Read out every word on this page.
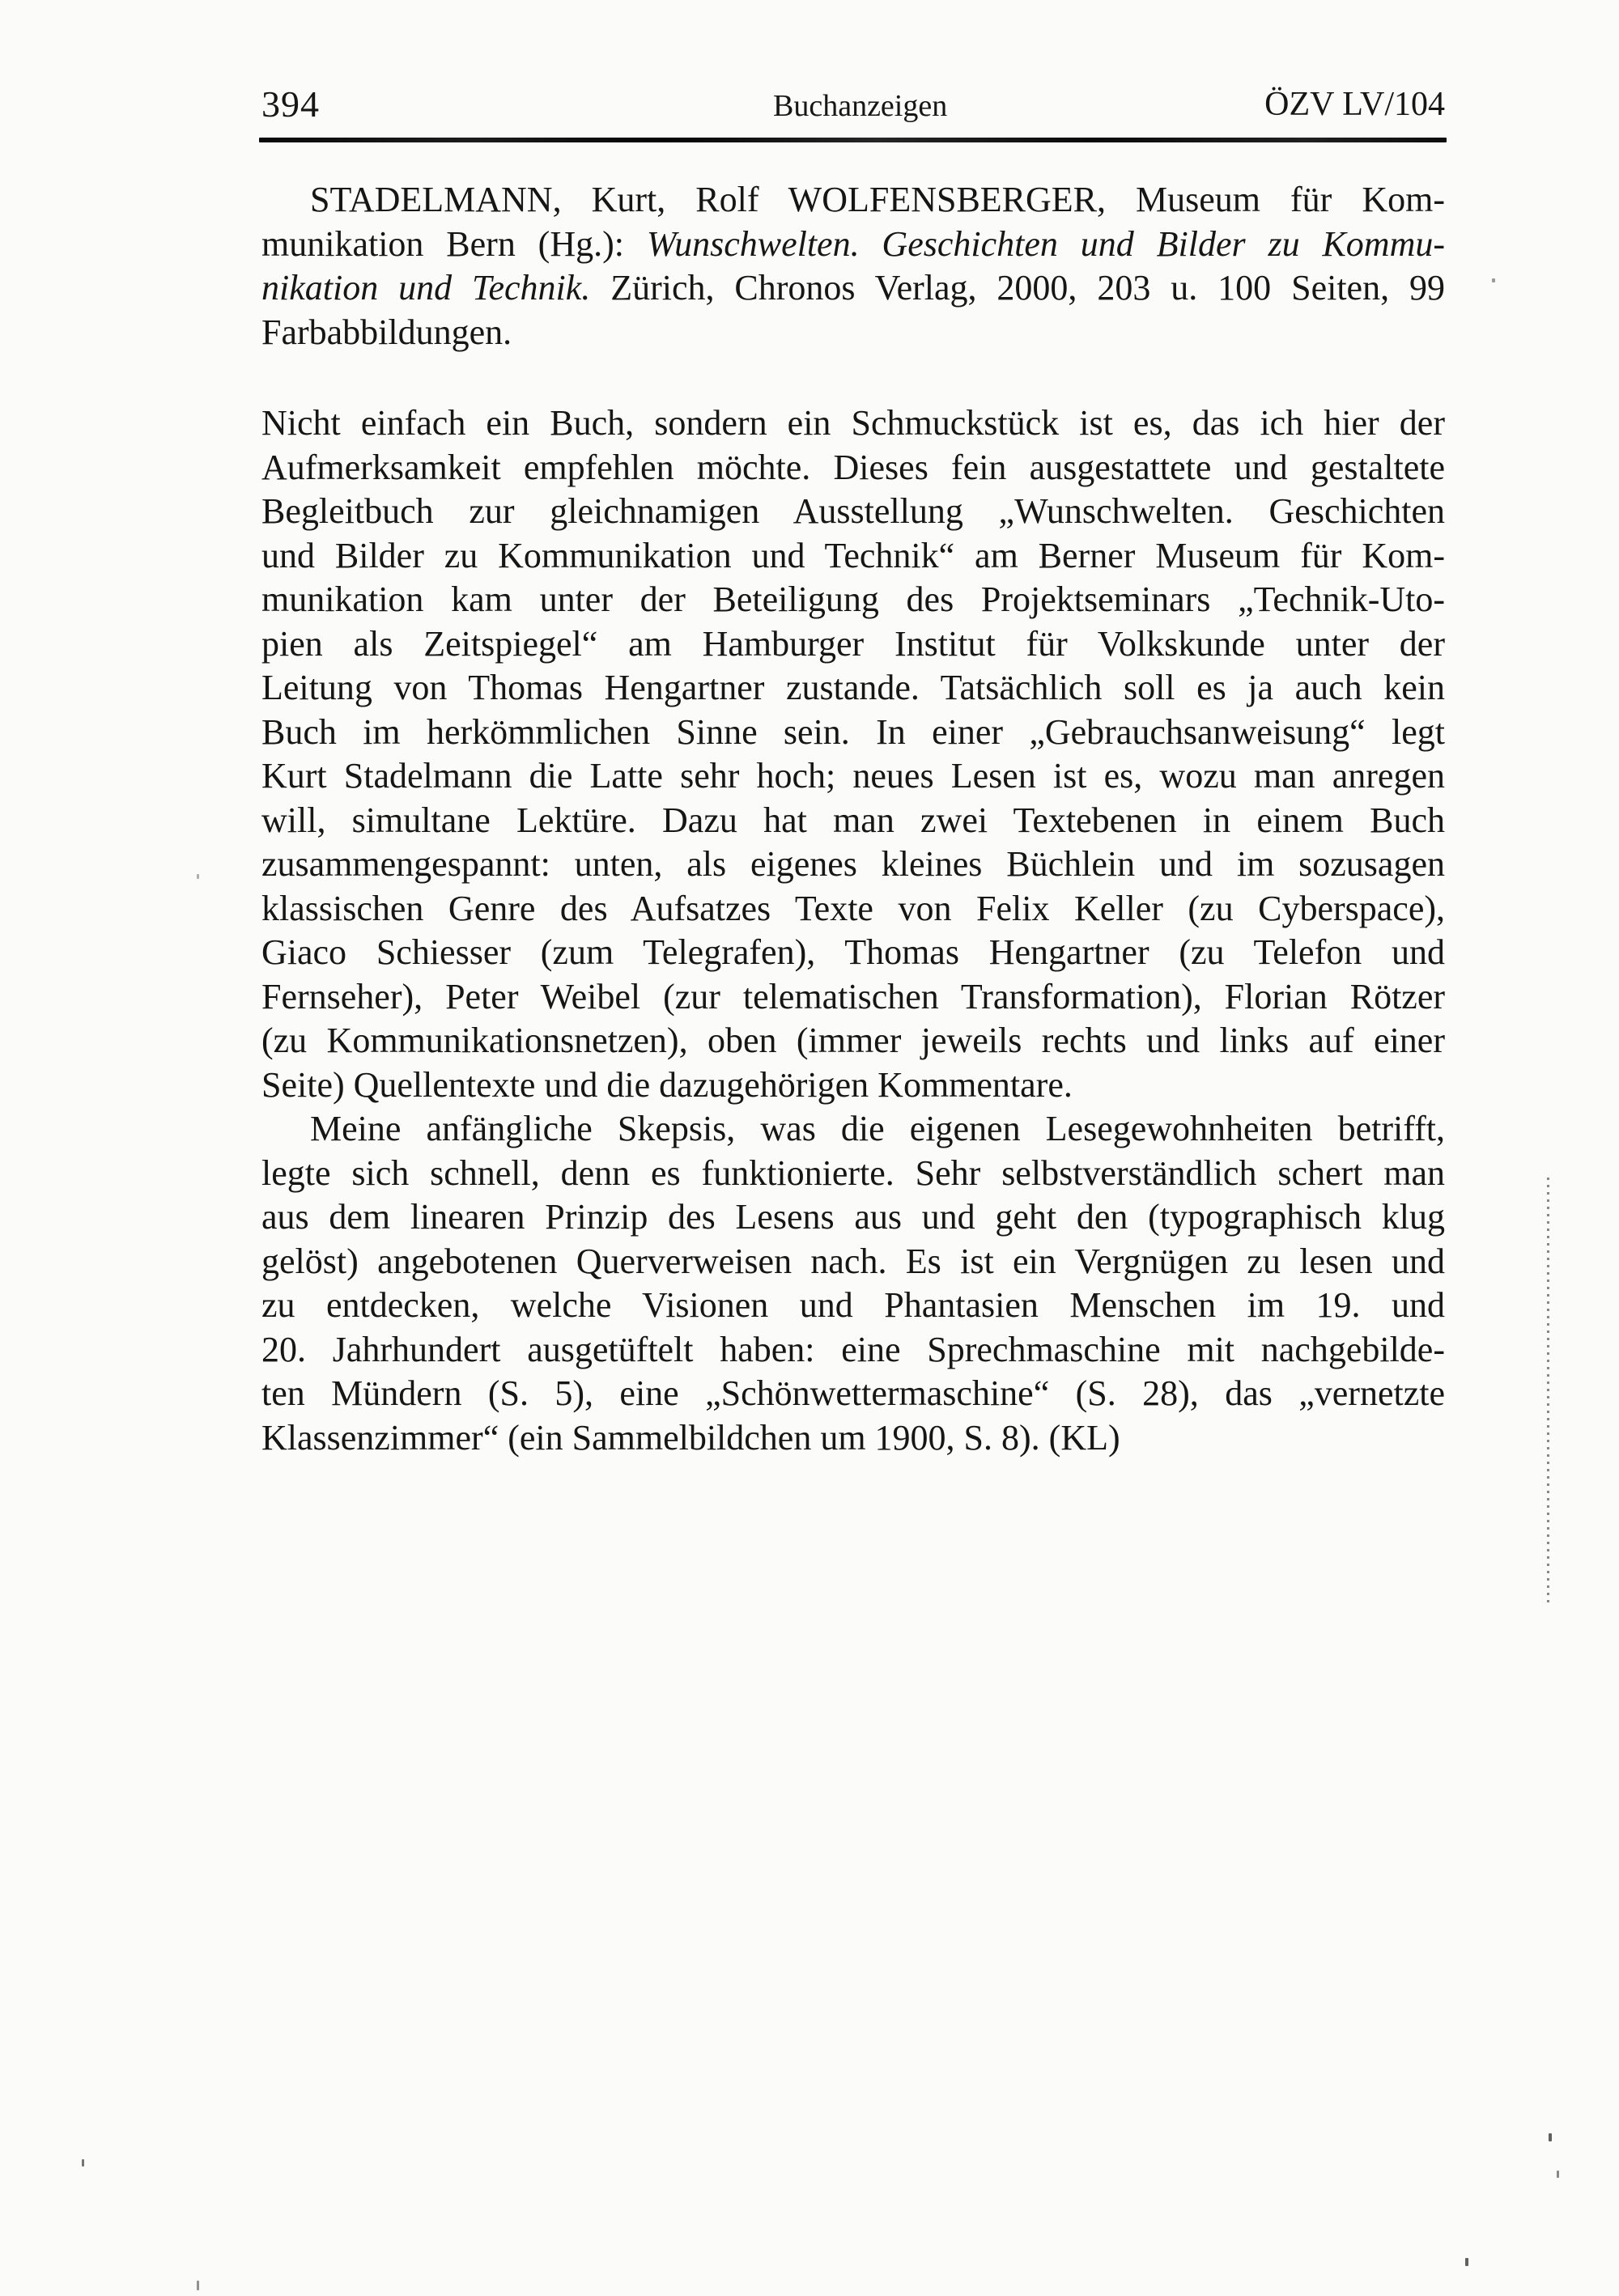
394	Buchanzeigen	ÖZV LV/104
STADELMANN, Kurt, Rolf WOLFENSBERGER, Museum für Kom-
munikation Bern (Hg.): Wunschwelten. Geschichten und Bilder zu Kommu-
nikation und Technik. Zürich, Chronos Verlag, 2000, 203 u. 100 Seiten, 99
Farbabbildungen.
Nicht einfach ein Buch, sondern ein Schmuckstück ist es, das ich hier der
Aufmerksamkeit empfehlen möchte. Dieses fein ausgestattete und gestaltete
Begleitbuch zur gleichnamigen Ausstellung „Wunschwelten. Geschichten
und Bilder zu Kommunikation und Technik“ am Berner Museum für Kom-
munikation kam unter der Beteiligung des Projektseminars „Technik-Uto-
pien als Zeitspiegel“ am Hamburger Institut für Volkskunde unter der
Leitung von Thomas Hengartner zustande. Tatsächlich soll es ja auch kein
Buch im herkömmlichen Sinne sein. In einer „Gebrauchsanweisung“ legt
Kurt Stadelmann die Latte sehr hoch; neues Lesen ist es, wozu man anregen
will, simultane Lektüre. Dazu hat man zwei Textebenen in einem Buch
zusammengespannt: unten, als eigenes kleines Büchlein und im sozusagen
klassischen Genre des Aufsatzes Texte von Felix Keller (zu Cyberspace),
Giaco Schiesser (zum Telegrafen), Thomas Hengartner (zu Telefon und
Fernseher), Peter Weibel (zur telematischen Transformation), Florian Rötzer
(zu Kommunikationsnetzen), oben (immer jeweils rechts und links auf einer
Seite) Quellentexte und die dazugehörigen Kommentare.
Meine anfängliche Skepsis, was die eigenen Lesegewohnheiten betrifft,
legte sich schnell, denn es funktionierte. Sehr selbstverständlich schert man
aus dem linearen Prinzip des Lesens aus und geht den (typographisch klug
gelöst) angebotenen Querverweisen nach. Es ist ein Vergnügen zu lesen und
zu entdecken, welche Visionen und Phantasien Menschen im 19. und
20. Jahrhundert ausgetüftelt haben: eine Sprechmaschine mit nachgebilde-
ten Mündern (S. 5), eine „Schönwettermaschine“ (S. 28), das „vernetzte
Klassenzimmer“ (ein Sammelbildchen um 1900, S. 8). (KL)
